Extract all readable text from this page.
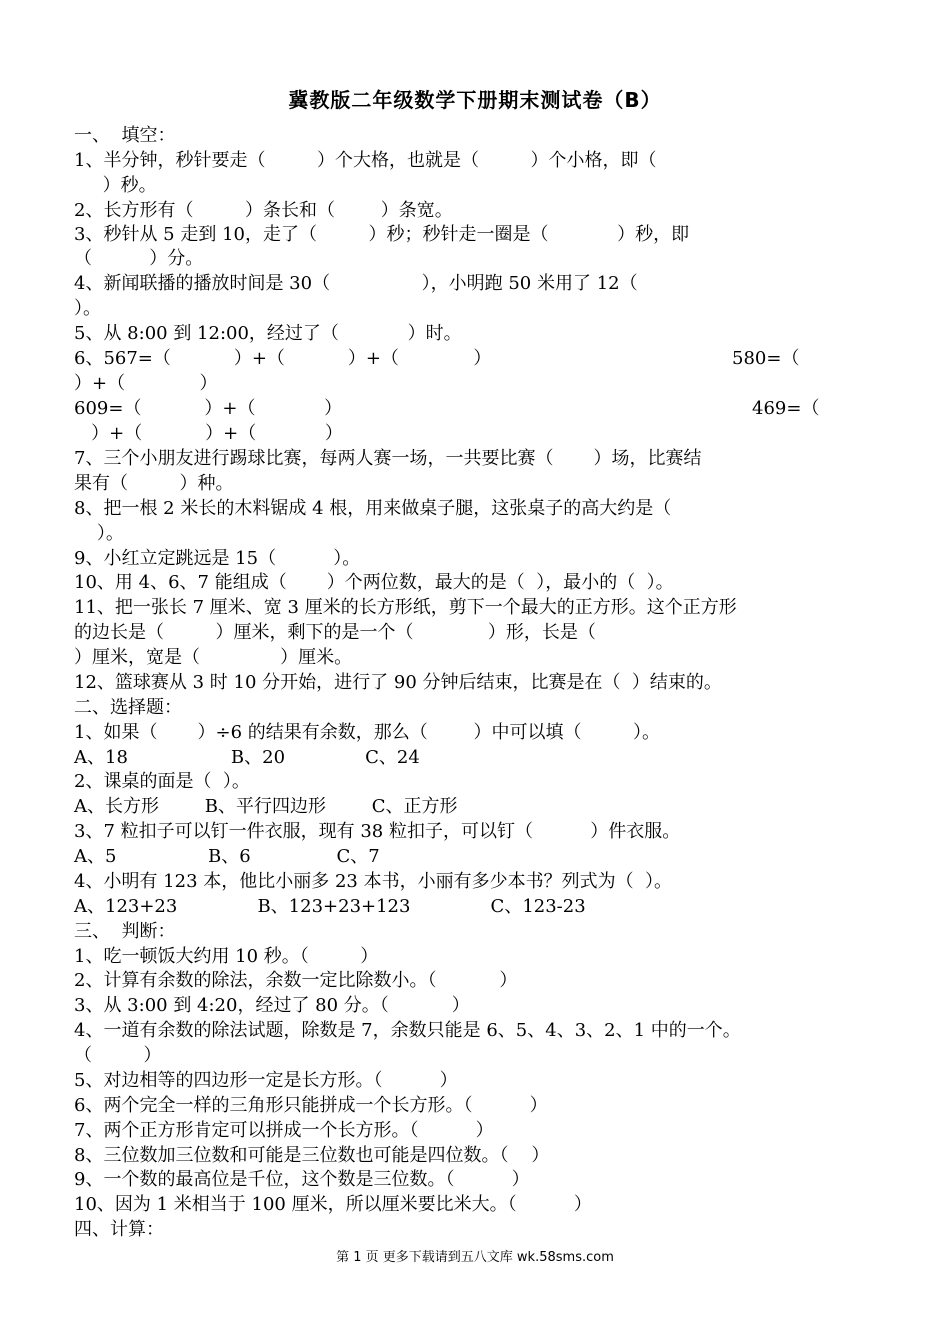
冀教版二年级数学下册期末测试卷（B）
一、  填空：
1、半分钟，秒针要走（         ）个大格，也就是（         ）个小格，即（
）秒。
2、长方形有（         ）条长和（        ）条宽。
3、秒针从 5 走到 10，走了（         ）秒；秒针走一圈是（            ）秒，即
（          ）分。
4、新闻联播的播放时间是 30（                ），小明跑 50 米用了 12（
）。
5、从 8:00 到 12:00，经过了（            ）时。
6、567=（           ）+（           ）+（             ）	580=（
）+（             ）
609=（           ）+（            ）	469=（
）+（           ）+（            ）
7、三个小朋友进行踢球比赛，每两人赛一场，一共要比赛（       ）场，比赛结
果有（         ）种。
8、把一根 2 米长的木料锯成 4 根，用来做桌子腿，这张桌子的高大约是（
）。
9、小红立定跳远是 15（          ）。
10、用 4、6、7 能组成（       ）个两位数，最大的是（  ），最小的（  ）。
11、把一张长 7 厘米、宽 3 厘米的长方形纸，剪下一个最大的正方形。这个正方形
的边长是（         ）厘米，剩下的是一个（             ）形，长是（
）厘米，宽是（              ）厘米。
12、篮球赛从 3 时 10 分开始，进行了 90 分钟后结束，比赛是在（  ）结束的。
二、选择题：
1、如果（       ）÷6 的结果有余数，那么（        ）中可以填（         ）。
A、18                  B、20              C、24
2、课桌的面是（  ）。
A、长方形        B、平行四边形        C、正方形
3、7 粒扣子可以钉一件衣服，现有 38 粒扣子，可以钉（          ）件衣服。
A、5                B、6               C、7
4、小明有 123 本，他比小丽多 23 本书，小丽有多少本书？列式为（  ）。
A、123+23              B、123+23+123              C、123-23
三、  判断：
1、吃一顿饭大约用 10 秒。（         ）
2、计算有余数的除法，余数一定比除数小。（           ）
3、从 3:00 到 4:20，经过了 80 分。（           ）
4、一道有余数的除法试题，除数是 7，余数只能是 6、5、4、3、2、1 中的一个。
（         ）
5、对边相等的四边形一定是长方形。（          ）
6、两个完全一样的三角形只能拼成一个长方形。（          ）
7、两个正方形肯定可以拼成一个长方形。（          ）
8、三位数加三位数和可能是三位数也可能是四位数。（    ）
9、一个数的最高位是千位，这个数是三位数。（          ）
10、因为 1 米相当于 100 厘米，所以厘米要比米大。（          ）
四、计算：
第 1 页 更多下载请到五八文库 wk.58sms.com
